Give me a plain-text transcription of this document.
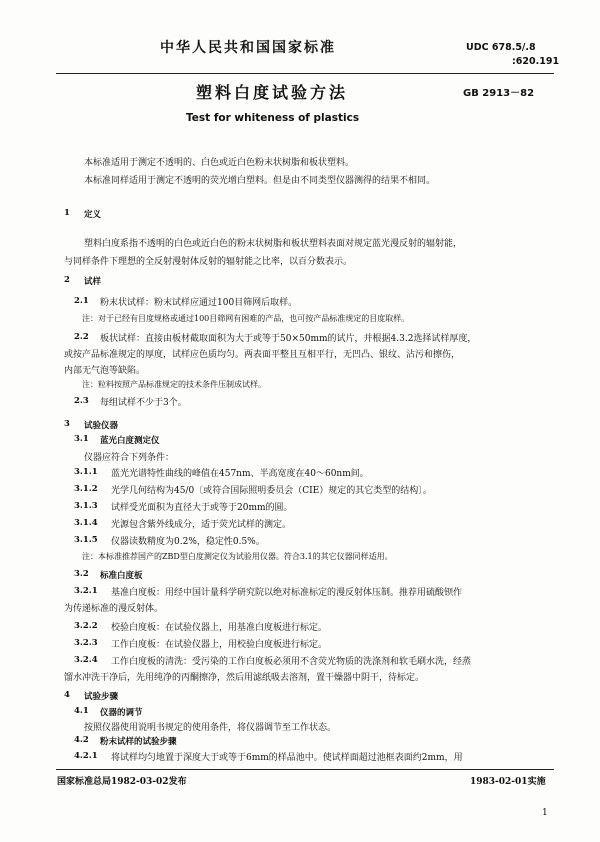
中华人民共和国国家标准	UDC 678.5/.8
:620.191
塑料白度试验方法	GB 2913－82
Test for whiteness of plastics
本标准适用于测定不透明的、白色或近白色粉末状树脂和板状塑料。
本标准同样适用于测定不透明的荧光增白塑料。但是由不同类型仪器测得的结果不相同。
1 定义
塑料白度系指不透明的白色或近白色的粉末状树脂和板状塑料表面对规定蓝光漫反射的辐射能，
与同样条件下理想的全反射漫射体反射的辐射能之比率，以百分数表示。
2 试样
2.1 粉末状试样：粉末试样应通过100目筛网后取样。
注：对于已经有目度规格或通过100目筛网有困难的产品，也可按产品标准规定的目度取样。
2.2 板状试样：直接由板材截取面积为大于或等于50×50mm的试片，并根据4.3.2选择试样厚度，
或按产品标准规定的厚度，试样应色质均匀。两表面平整且互相平行，无凹凸、银纹、沾污和擦伤，
内部无气泡等缺陷。
注：粒料按照产品标准规定的技术条件压制成试样。
2.3 每组试样不少于3个。
3 试验仪器
3.1 蓝光白度测定仪
仪器应符合下列条件：
3.1.1 蓝光光谱特性曲线的峰值在457nm、半高宽度在40～60nm间。
3.1.2 光学几何结构为45/0〔或符合国际照明委员会（CIE）规定的其它类型的结构〕。
3.1.3 试样受光面积为直径大于或等于20mm的圆。
3.1.4 光源包含紫外线成分，适于荧光试样的测定。
3.1.5 仪器读数精度为0.2%，稳定性0.5%。
注：本标准推荐国产的ZBD型白度测定仪为试验用仪器。符合3.1的其它仪器同样适用。
3.2 标准白度板
3.2.1 基准白度板：用经中国计量科学研究院以绝对标准标定的漫反射体压制。推荐用硫酸钡作
为传递标准的漫反射体。
3.2.2 校验白度板：在试验仪器上，用基准白度板进行标定。
3.2.3 工作白度板：在试验仪器上，用校验白度板进行标定。
3.2.4 工作白度板的清洗：受污染的工作白度板必须用不含荧光物质的洗涤剂和软毛刷水洗，经蒸
馏水冲洗干净后，先用纯净的丙酮擦净，然后用滤纸吸去溶剂，置干燥器中阴干，待标定。
4 试验步骤
4.1 仪器的调节
按照仪器使用说明书规定的使用条件，将仪器调节至工作状态。
4.2 粉末试样的试验步骤
4.2.1 将试样均匀地置于深度大于或等于6mm的样品池中。使试样面超过池框表面约2mm，用
国家标准总局1982-03-02发布	1983-02-01实施
1
